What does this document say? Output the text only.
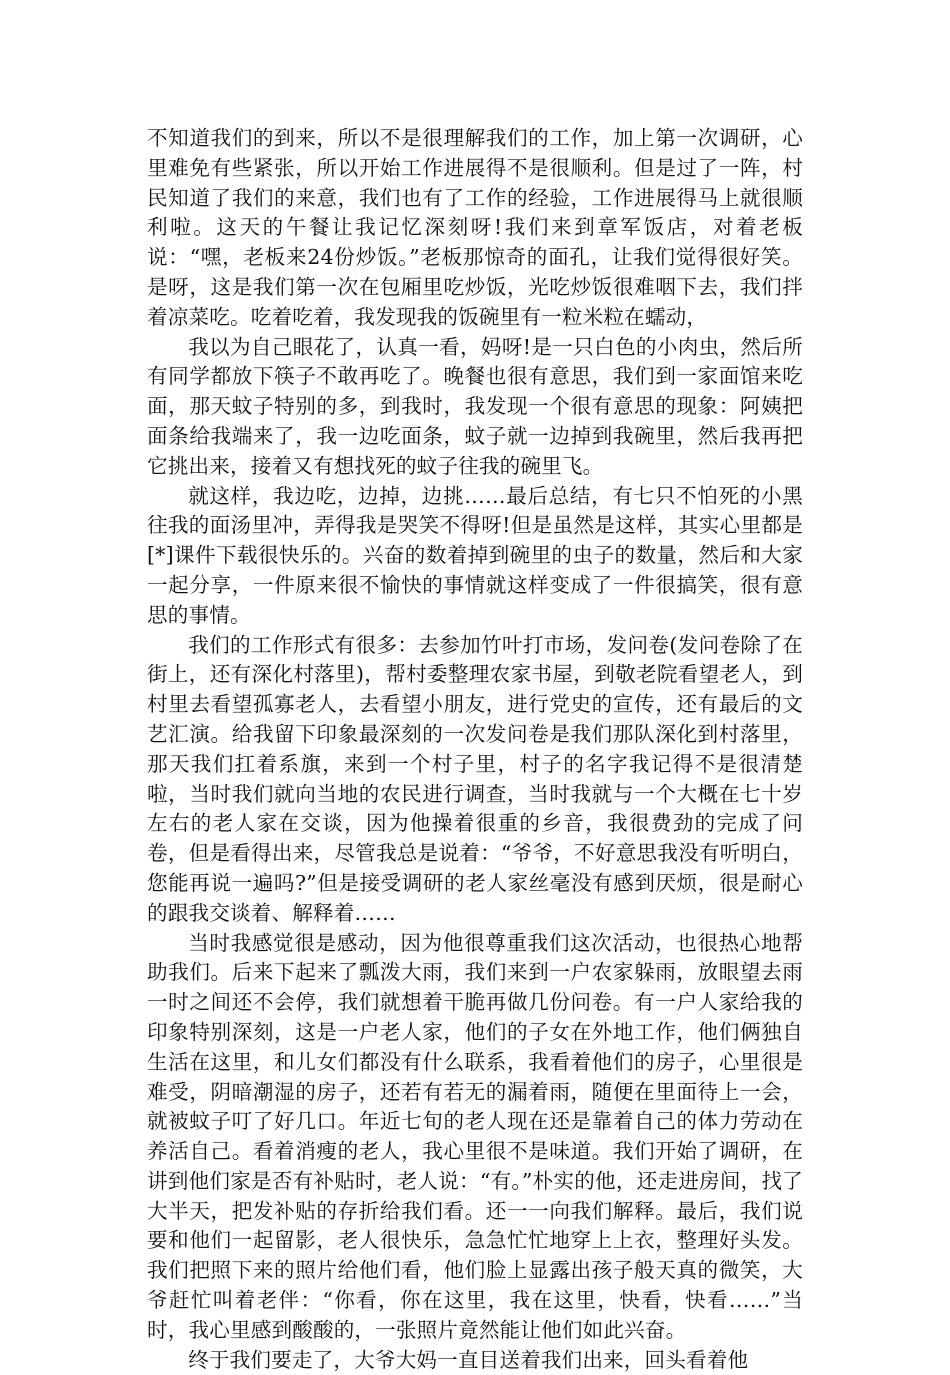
不知道我们的到来，所以不是很理解我们的工作，加上第一次调研，心里难免有些紧张，所以开始工作进展得不是很顺利。但是过了一阵，村民知道了我们的来意，我们也有了工作的经验，工作进展得马上就很顺利啦。这天的午餐让我记忆深刻呀!我们来到章军饭店，对着老板说：“嘿，老板来24份炒饭。”老板那惊奇的面孔，让我们觉得很好笑。是呀，这是我们第一次在包厢里吃炒饭，光吃炒饭很难咽下去，我们拌着凉菜吃。吃着吃着，我发现我的饭碗里有一粒米粒在蠕动，

我以为自己眼花了，认真一看，妈呀!是一只白色的小肉虫，然后所有同学都放下筷子不敢再吃了。晚餐也很有意思，我们到一家面馆来吃面，那天蚊子特别的多，到我时，我发现一个很有意思的现象：阿姨把面条给我端来了，我一边吃面条，蚊子就一边掉到我碗里，然后我再把它挑出来，接着又有想找死的蚊子往我的碗里飞。

就这样，我边吃，边掉，边挑……最后总结，有七只不怕死的小黑往我的面汤里冲，弄得我是哭笑不得呀!但是虽然是这样，其实心里都是[*]课件下载很快乐的。兴奋的数着掉到碗里的虫子的数量，然后和大家一起分享，一件原来很不愉快的事情就这样变成了一件很搞笑，很有意思的事情。

我们的工作形式有很多：去参加竹叶打市场，发问卷(发问卷除了在街上，还有深化村落里)，帮村委整理农家书屋，到敬老院看望老人，到村里去看望孤寡老人，去看望小朋友，进行党史的宣传，还有最后的文艺汇演。给我留下印象最深刻的一次发问卷是我们那队深化到村落里，那天我们扛着系旗，来到一个村子里，村子的名字我记得不是很清楚啦，当时我们就向当地的农民进行调查，当时我就与一个大概在七十岁左右的老人家在交谈，因为他操着很重的乡音，我很费劲的完成了问卷，但是看得出来，尽管我总是说着：“爷爷，不好意思我没有听明白，您能再说一遍吗?”但是接受调研的老人家丝毫没有感到厌烦，很是耐心的跟我交谈着、解释着……

当时我感觉很是感动，因为他很尊重我们这次活动，也很热心地帮助我们。后来下起来了瓢泼大雨，我们来到一户农家躲雨，放眼望去雨一时之间还不会停，我们就想着干脆再做几份问卷。有一户人家给我的印象特别深刻，这是一户老人家，他们的子女在外地工作，他们俩独自生活在这里，和儿女们都没有什么联系，我看着他们的房子，心里很是难受，阴暗潮湿的房子，还若有若无的漏着雨，随便在里面待上一会，就被蚊子叮了好几口。年近七旬的老人现在还是靠着自己的体力劳动在养活自己。看着消瘦的老人，我心里很不是味道。我们开始了调研，在讲到他们家是否有补贴时，老人说：“有。”朴实的他，还走进房间，找了大半天，把发补贴的存折给我们看。还一一向我们解释。最后，我们说要和他们一起留影，老人很快乐，急急忙忙地穿上上衣，整理好头发。我们把照下来的照片给他们看，他们脸上显露出孩子般天真的微笑，大爷赶忙叫着老伴：“你看，你在这里，我在这里，快看，快看……”当时，我心里感到酸酸的，一张照片竟然能让他们如此兴奋。

终于我们要走了，大爷大妈一直目送着我们出来，回头看着他
